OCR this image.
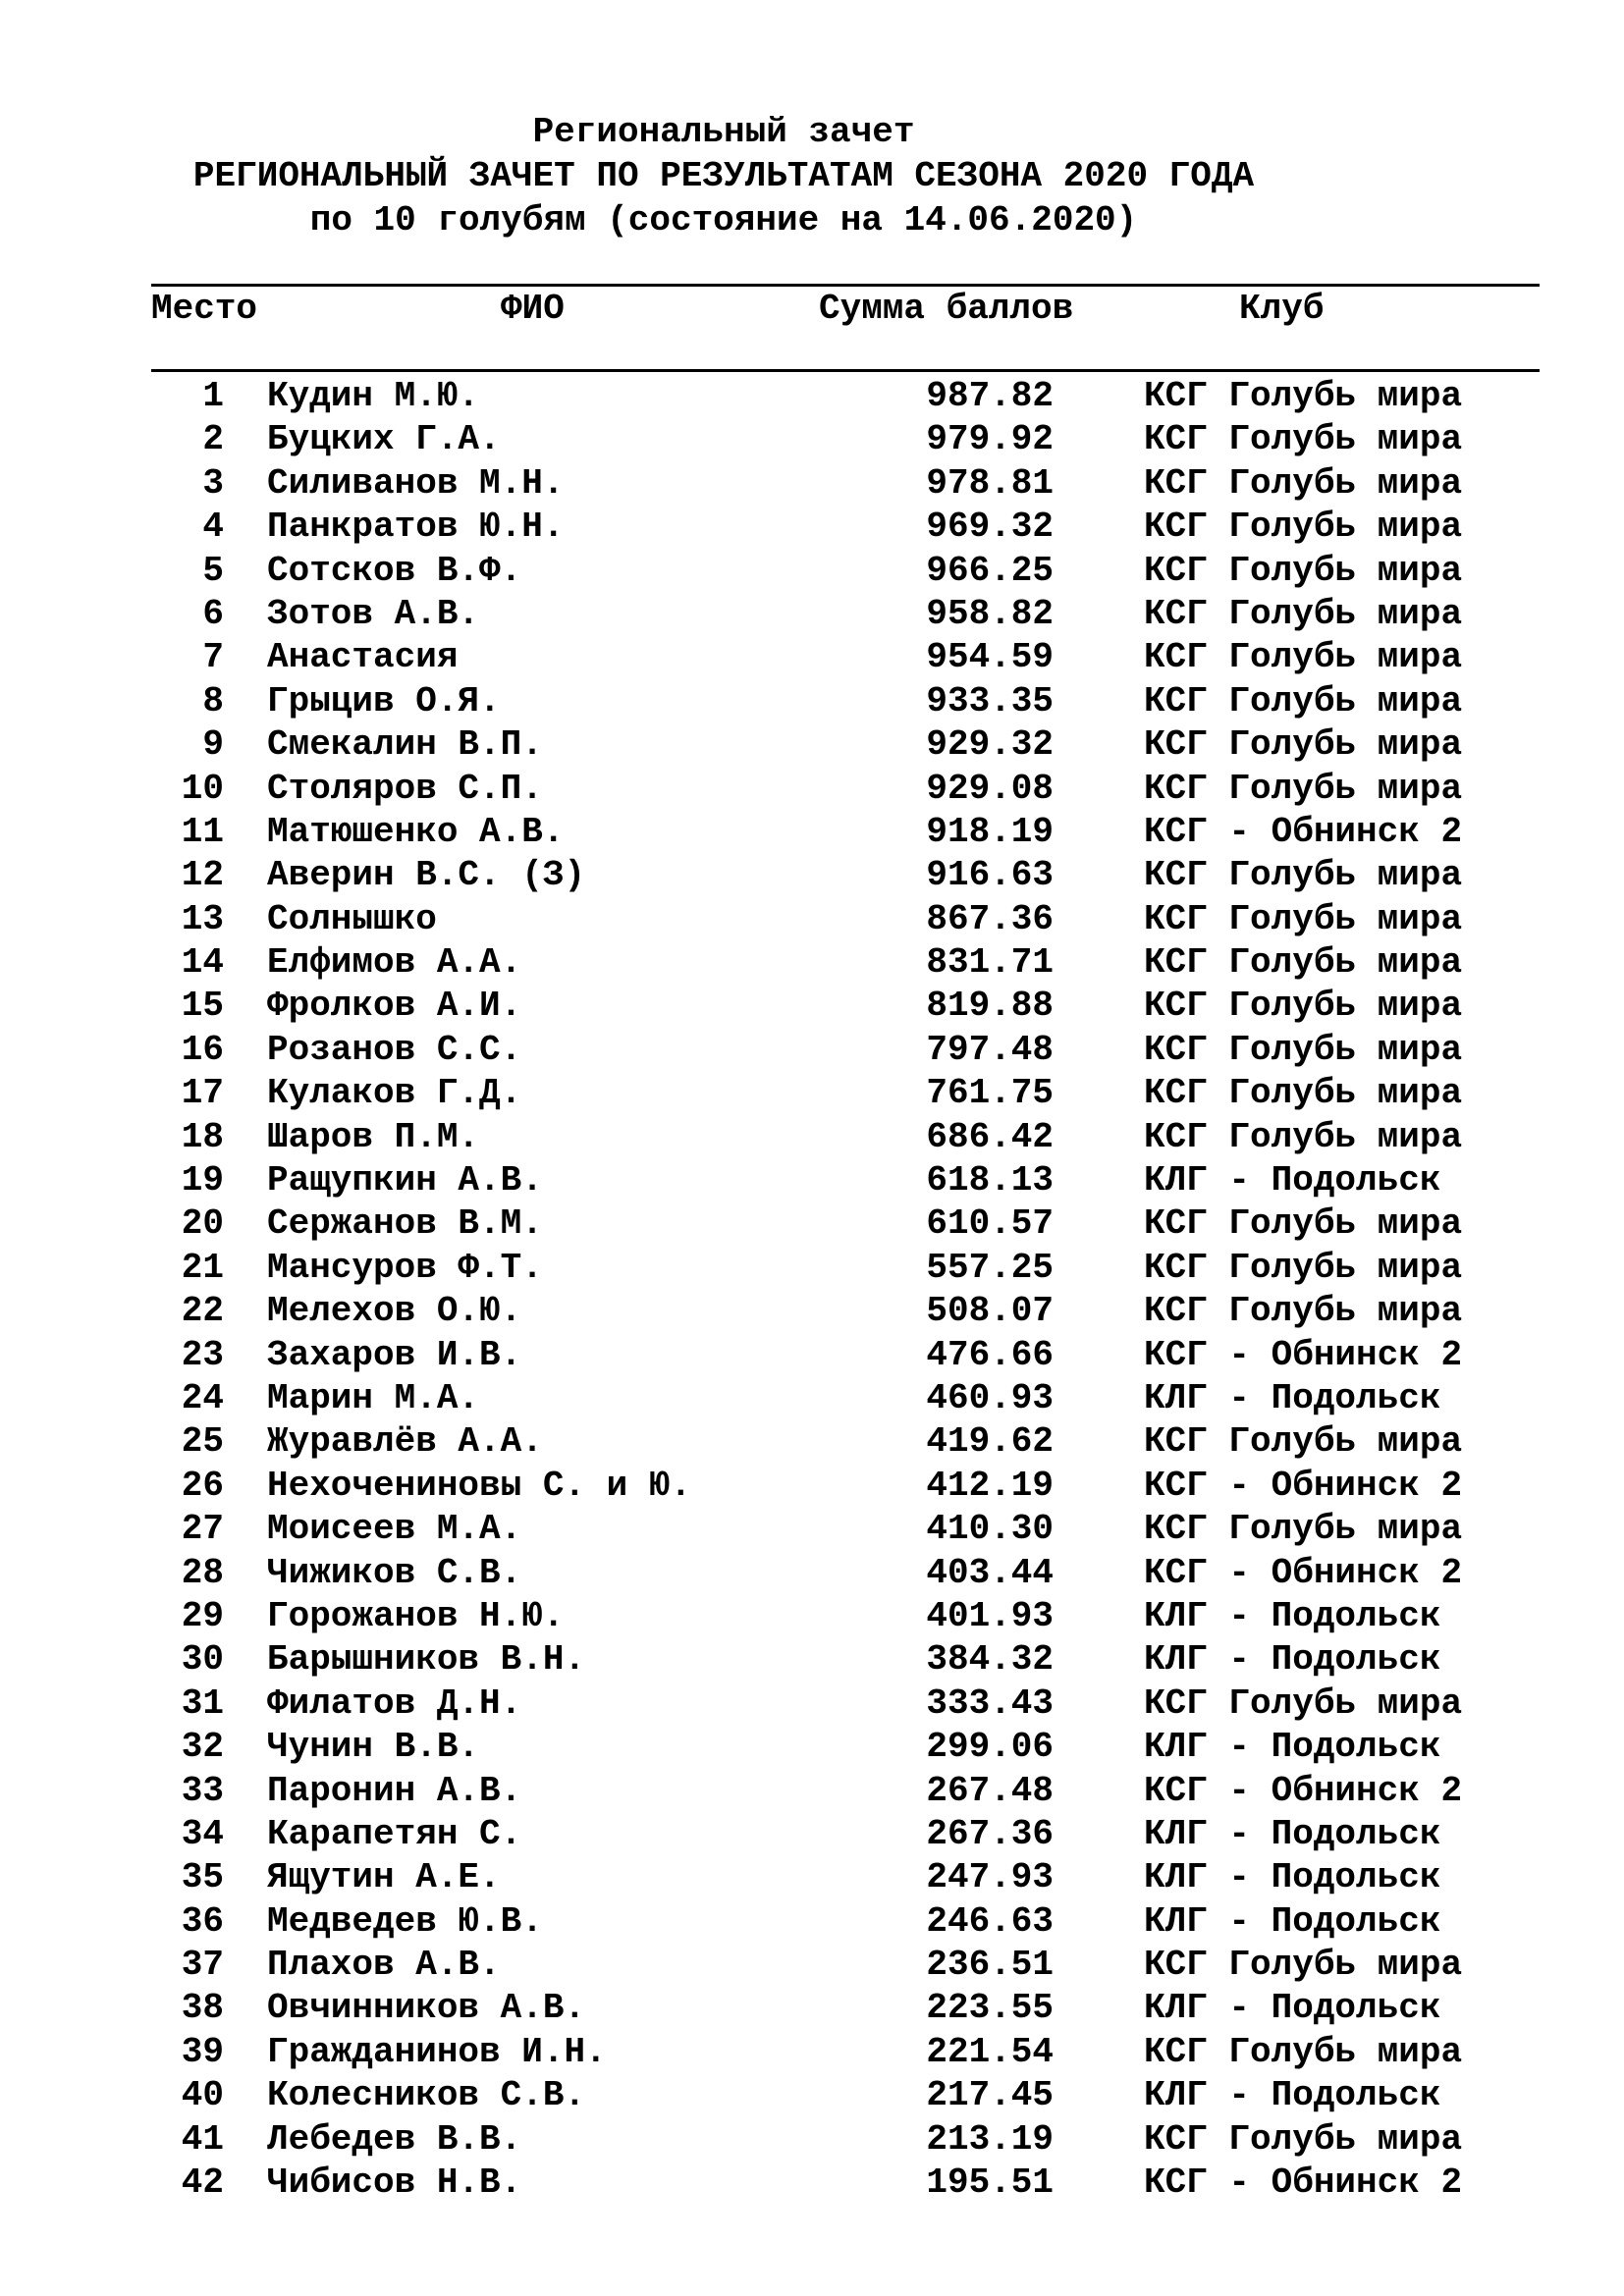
Региональный зачет
РЕГИОНАЛЬНЫЙ ЗАЧЕТ ПО РЕЗУЛЬТАТАМ СЕЗОНА 2020 ГОДА
по 10 голубям (состояние на 14.06.2020)
Место	ФИО	Сумма баллов	Клуб
1 Кудин М.Ю.	987.82	КСГ Голубь мира
2 Буцких Г.А.	979.92	КСГ Голубь мира
3 Силиванов М.Н.	978.81	КСГ Голубь мира
4 Панкратов Ю.Н.	969.32	КСГ Голубь мира
5 Сотсков В.Ф.	966.25	КСГ Голубь мира
6 Зотов А.В.	958.82	КСГ Голубь мира
7 Анастасия	954.59	КСГ Голубь мира
8 Грыцив О.Я.	933.35	КСГ Голубь мира
9 Смекалин В.П.	929.32	КСГ Голубь мира
10 Столяров С.П.	929.08	КСГ Голубь мира
11 Матюшенко А.В.	918.19	КСГ - Обнинск 2
12 Аверин В.С. (З)	916.63	КСГ Голубь мира
13 Солнышко	867.36	КСГ Голубь мира
14 Елфимов А.А.	831.71	КСГ Голубь мира
15 Фролков А.И.	819.88	КСГ Голубь мира
16 Розанов С.С.	797.48	КСГ Голубь мира
17 Кулаков Г.Д.	761.75	КСГ Голубь мира
18 Шаров П.М.	686.42	КСГ Голубь мира
19 Ращупкин А.В.	618.13	КЛГ - Подольск
20 Сержанов В.М.	610.57	КСГ Голубь мира
21 Мансуров Ф.Т.	557.25	КСГ Голубь мира
22 Мелехов О.Ю.	508.07	КСГ Голубь мира
23 Захаров И.В.	476.66	КСГ - Обнинск 2
24 Марин М.А.	460.93	КЛГ - Подольск
25 Журавлёв А.А.	419.62	КСГ Голубь мира
26 Нехочениновы С. и Ю.	412.19	КСГ - Обнинск 2
27 Моисеев М.А.	410.30	КСГ Голубь мира
28 Чижиков С.В.	403.44	КСГ - Обнинск 2
29 Горожанов Н.Ю.	401.93	КЛГ - Подольск
30 Барышников В.Н.	384.32	КЛГ - Подольск
31 Филатов Д.Н.	333.43	КСГ Голубь мира
32 Чунин В.В.	299.06	КЛГ - Подольск
33 Паронин А.В.	267.48	КСГ - Обнинск 2
34 Карапетян С.	267.36	КЛГ - Подольск
35 Ящутин А.Е.	247.93	КЛГ - Подольск
36 Медведев Ю.В.	246.63	КЛГ - Подольск
37 Плахов А.В.	236.51	КСГ Голубь мира
38 Овчинников А.В.	223.55	КЛГ - Подольск
39 Гражданинов И.Н.	221.54	КСГ Голубь мира
40 Колесников С.В.	217.45	КЛГ - Подольск
41 Лебедев В.В.	213.19	КСГ Голубь мира
42 Чибисов Н.В.	195.51	КСГ - Обнинск 2
